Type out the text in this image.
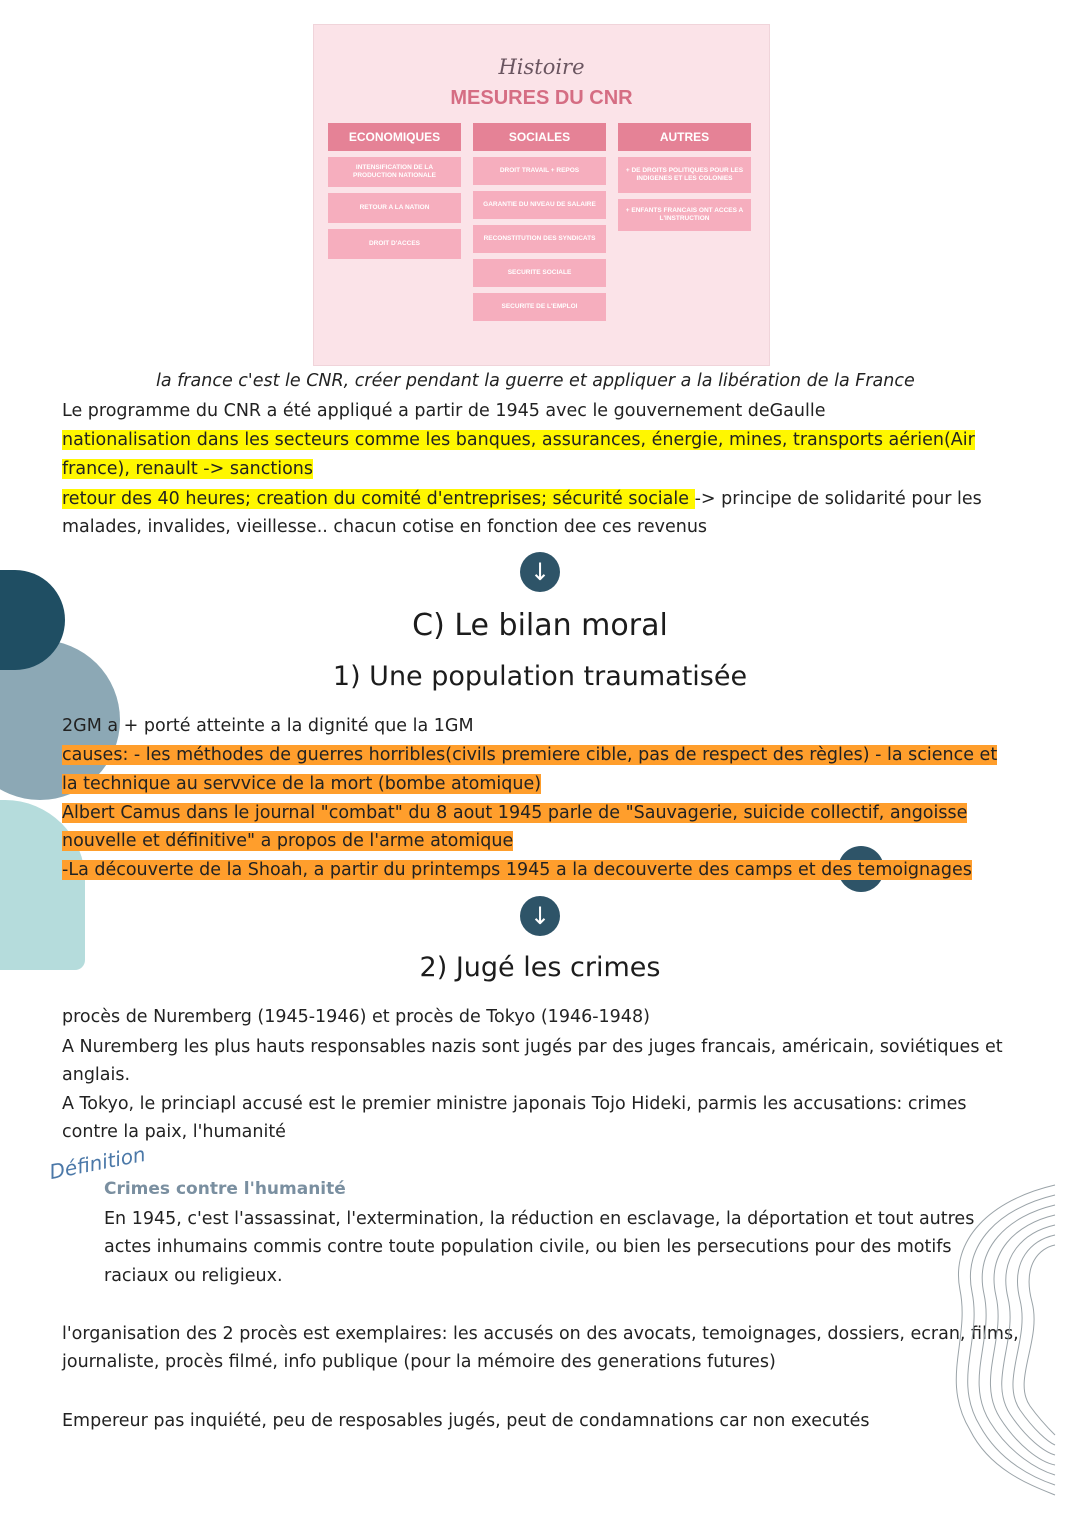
Histoire
MESURES DU CNR
ECONOMIQUES
INTENSIFICATION DE LA PRODUCTION NATIONALE
RETOUR A LA NATION
DROIT D'ACCES
SOCIALES
DROIT TRAVAIL + REPOS
GARANTIE DU NIVEAU DE SALAIRE
RECONSTITUTION DES SYNDICATS
SECURITE SOCIALE
SECURITE DE L'EMPLOI
AUTRES
+ DE DROITS POLITIQUES POUR LES INDIGENES ET LES COLONIES
+ ENFANTS FRANCAIS ONT ACCES A L'INSTRUCTION
la france c'est le CNR, créer pendant la guerre et appliquer a la libération de la France
Le programme du CNR a été appliqué a partir de 1945 avec le gouvernement deGaulle
nationalisation dans les secteurs comme les banques, assurances, énergie, mines, transports aérien(Air
france), renault -> sanctions
retour des 40 heures; creation du comité d'entreprises; sécurité sociale -> principe de solidarité pour les
malades, invalides, vieillesse.. chacun cotise en fonction dee ces revenus
↓
C) Le bilan moral
1) Une population traumatisée
2GM a + porté atteinte a la dignité que la 1GM
causes: - les méthodes de guerres horribles(civils premiere cible, pas de respect des règles) - la science et
la technique au servvice de la mort (bombe atomique)
Albert Camus dans le journal "combat" du 8 aout 1945 parle de "Sauvagerie, suicide collectif, angoisse
nouvelle et définitive" a propos de l'arme atomique
-La découverte de la Shoah, a partir du printemps 1945 a la decouverte des camps et des temoignages
↓
2) Jugé les crimes
procès de Nuremberg (1945-1946) et procès de Tokyo (1946-1948)
A Nuremberg les plus hauts responsables nazis sont jugés par des juges francais, américain, soviétiques et
anglais.
A Tokyo, le princiapl accusé est le premier ministre japonais Tojo Hideki, parmis les accusations: crimes
contre la paix, l'humanité
Définition
Crimes contre l'humanité
En 1945, c'est l'assassinat, l'extermination, la réduction en esclavage, la déportation et tout autres
actes inhumains commis contre toute population civile, ou bien les persecutions pour des motifs
raciaux ou religieux.
l'organisation des 2 procès est exemplaires: les accusés on des avocats, temoignages, dossiers, ecran, films,
journaliste, procès filmé, info publique (pour la mémoire des generations futures)
Empereur pas inquiété, peu de resposables jugés, peut de condamnations car non executés
